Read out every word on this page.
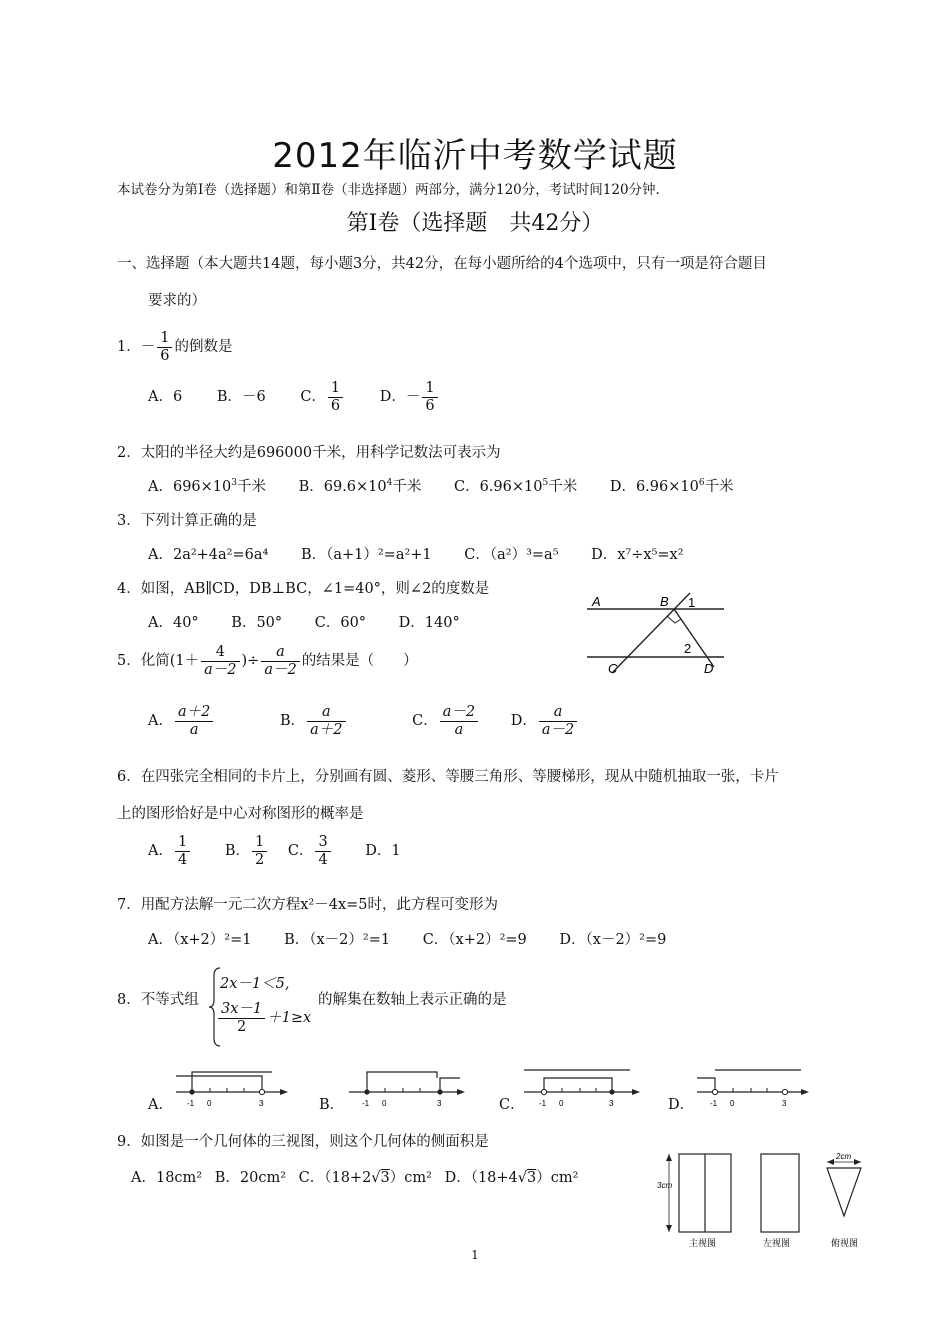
2012年临沂中考数学试题
本试卷分为第Ⅰ卷（选择题）和第Ⅱ卷（非选择题）两部分，满分120分，考试时间120分钟.
第Ⅰ卷（选择题　共42分）
一、选择题（本大题共14题，每小题3分，共42分，在每小题所给的4个选项中，只有一项是符合题目
要求的）
1．－ $\frac{1}{6}$ 的倒数是
A．6 B．－6 C． $\frac{1}{6}$	D．－ $\frac{1}{6}$
2．太阳的半径大约是696000千米，用科学记数法可表示为
A．$696\times 10^3$千米 B．$69.6\times 10^4$千米 C．$6.96\times 10^5$千米 D．$6.96\times 10^6$千米
3．下列计算正确的是
A．2a²+4a²=6a⁴ B．（a+1）²=a²+1 C．（a²）³=a⁵ D．x⁷÷x⁵=x²
4．如图，AB∥CD，DB⊥BC，∠1=40°，则∠2的度数是
A．40° B．50° C．60° D．140°
A	B 1
2
C	D
5．化简($1+ \frac{4}{a-2}$ )÷ $\frac{a}{a-2}$ 的结果是（　　）
A． $\frac{a+2}{a}$	B． $\frac{a}{a+2}$	C． $\frac{a-2}{a}$ D． $\frac{a}{a-2}$
6．在四张完全相同的卡片上，分别画有圆、菱形、等腰三角形、等腰梯形，现从中随机抽取一张，卡片
上的图形恰好是中心对称图形的概率是
A． $\frac{1}{4}$ B． $\frac{1}{2}$ C． $\frac{3}{4}$ D．1
7．用配方法解一元二次方程x²－4x=5时，此方程可变形为
A．（x+2）²=1 B．（x－2）²=1 C．（x+2）²=9 D．（x－2）²=9
8．不等式组
2x－1＜5,
$\frac{3x-1}{2} +1\ge x$
的解集在数轴上表示正确的是
A．	B．	C．	D．
-1 0	3	-1 0	3	-1 0	3	-1 0	3
9．如图是一个几何体的三视图，则这个几何体的侧面积是
A．18cm² B．20cm² C．（18+2√3）cm² D．（18+4√3）cm²	3cm
2cm
主视图	左视图	俯视图
1
